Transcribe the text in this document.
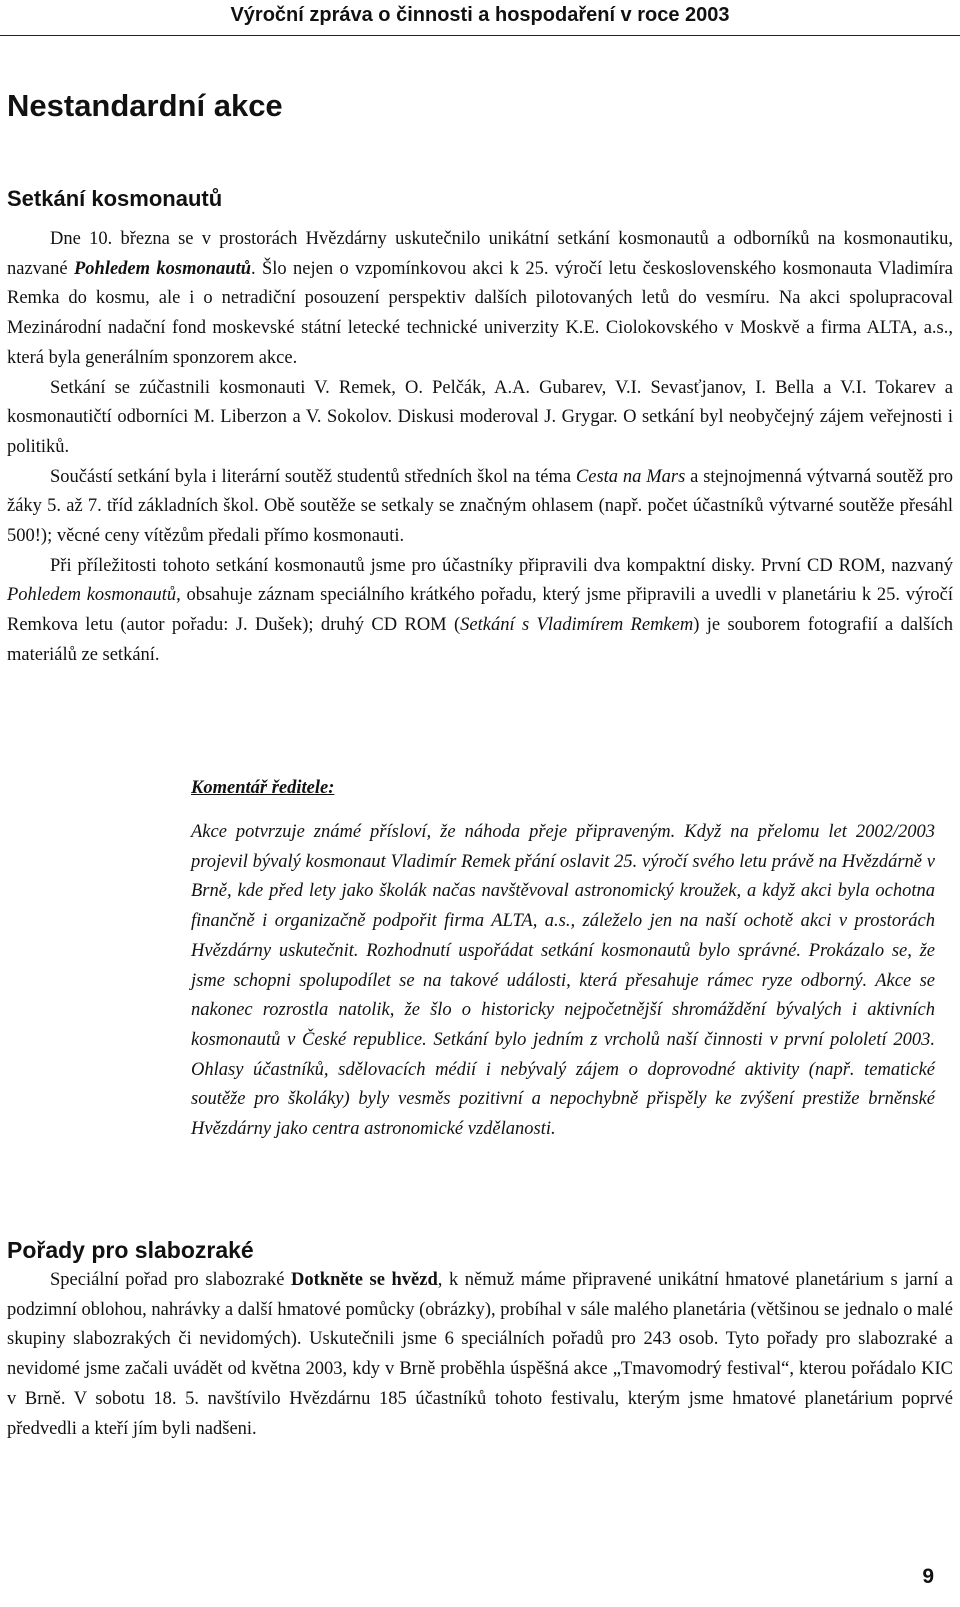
Výroční zpráva o činnosti a hospodaření v roce 2003
Nestandardní akce
Setkání kosmonautů

Dne 10. března se v prostorách Hvězdárny uskutečnilo unikátní setkání kosmonautů a odborníků na kosmonautiku, nazvané Pohledem kosmonautů. Šlo nejen o vzpomínkovou akci k 25. výročí letu československého kosmonauta Vladimíra Remka do kosmu, ale i o netradiční posouzení perspektiv dalších pilotovaných letů do vesmíru. Na akci spolupracoval Mezinárodní nadační fond moskevské státní letecké technické univerzity K.E. Ciolokovského v Moskvě a firma ALTA, a.s., která byla generálním sponzorem akce.

Setkání se zúčastnili kosmonauti V. Remek, O. Pelčák, A.A. Gubarev, V.I. Sevasťjanov, I. Bella a V.I. Tokarev a kosmonautičtí odborníci M. Liberzon a V. Sokolov. Diskusi moderoval J. Grygar. O setkání byl neobyčejný zájem veřejnosti i politiků.

Součástí setkání byla i literární soutěž studentů středních škol na téma Cesta na Mars a stejnojmenná výtvarná soutěž pro žáky 5. až 7. tříd základních škol. Obě soutěže se setkaly se značným ohlasem (např. počet účastníků výtvarné soutěže přesáhl 500!); věcné ceny vítězům předali přímo kosmonauti.

Při příležitosti tohoto setkání kosmonautů jsme pro účastníky připravili dva kompaktní disky. První CD ROM, nazvaný Pohledem kosmonautů, obsahuje záznam speciálního krátkého pořadu, který jsme připravili a uvedli v planetáriu k 25. výročí Remkova letu (autor pořadu: J. Dušek); druhý CD ROM (Setkání s Vladimírem Remkem) je souborem fotografií a dalších materiálů ze setkání.

Komentář ředitele:

Akce potvrzuje známé přísloví, že náhoda přeje připraveným. Když na přelomu let 2002/2003 projevil bývalý kosmonaut Vladimír Remek přání oslavit 25. výročí svého letu právě na Hvězdárně v Brně, kde před lety jako školák načas navštěvoval astronomický kroužek, a když akci byla ochotna finančně i organizačně podpořit firma ALTA, a.s., záleželo jen na naší ochotě akci v prostorách Hvězdárny uskutečnit. Rozhodnutí uspořádat setkání kosmonautů bylo správné. Prokázalo se, že jsme schopni spolupodílet se na takové události, která přesahuje rámec ryze odborný. Akce se nakonec rozrostla natolik, že šlo o historicky nejpočetnější shromáždění bývalých i aktivních kosmonautů v České republice. Setkání bylo jedním z vrcholů naší činnosti v první pololetí 2003. Ohlasy účastníků, sdělovacích médií i nebývalý zájem o doprovodné aktivity (např. tematické soutěže pro školáky) byly vesměs pozitivní a nepochybně přispěly ke zvýšení prestiže brněnské Hvězdárny jako centra astronomické vzdělanosti.

Pořady pro slabozraké

Speciální pořad pro slabozraké Dotkněte se hvězd, k němuž máme připravené unikátní hmatové planetárium s jarní a podzimní oblohou, nahrávky a další hmatové pomůcky (obrázky), probíhal v sále malého planetária (většinou se jednalo o malé skupiny slabozrakých či nevidomých). Uskutečnili jsme 6 speciálních pořadů pro 243 osob. Tyto pořady pro slabozraké a nevidomé jsme začali uvádět od května 2003, kdy v Brně proběhla úspěšná akce „Tmavomodrý festival“, kterou pořádalo KIC v Brně. V sobotu 18. 5. navštívilo Hvězdárnu 185 účastníků tohoto festivalu, kterým jsme hmatové planetárium poprvé předvedli a kteří jím byli nadšeni.

9
